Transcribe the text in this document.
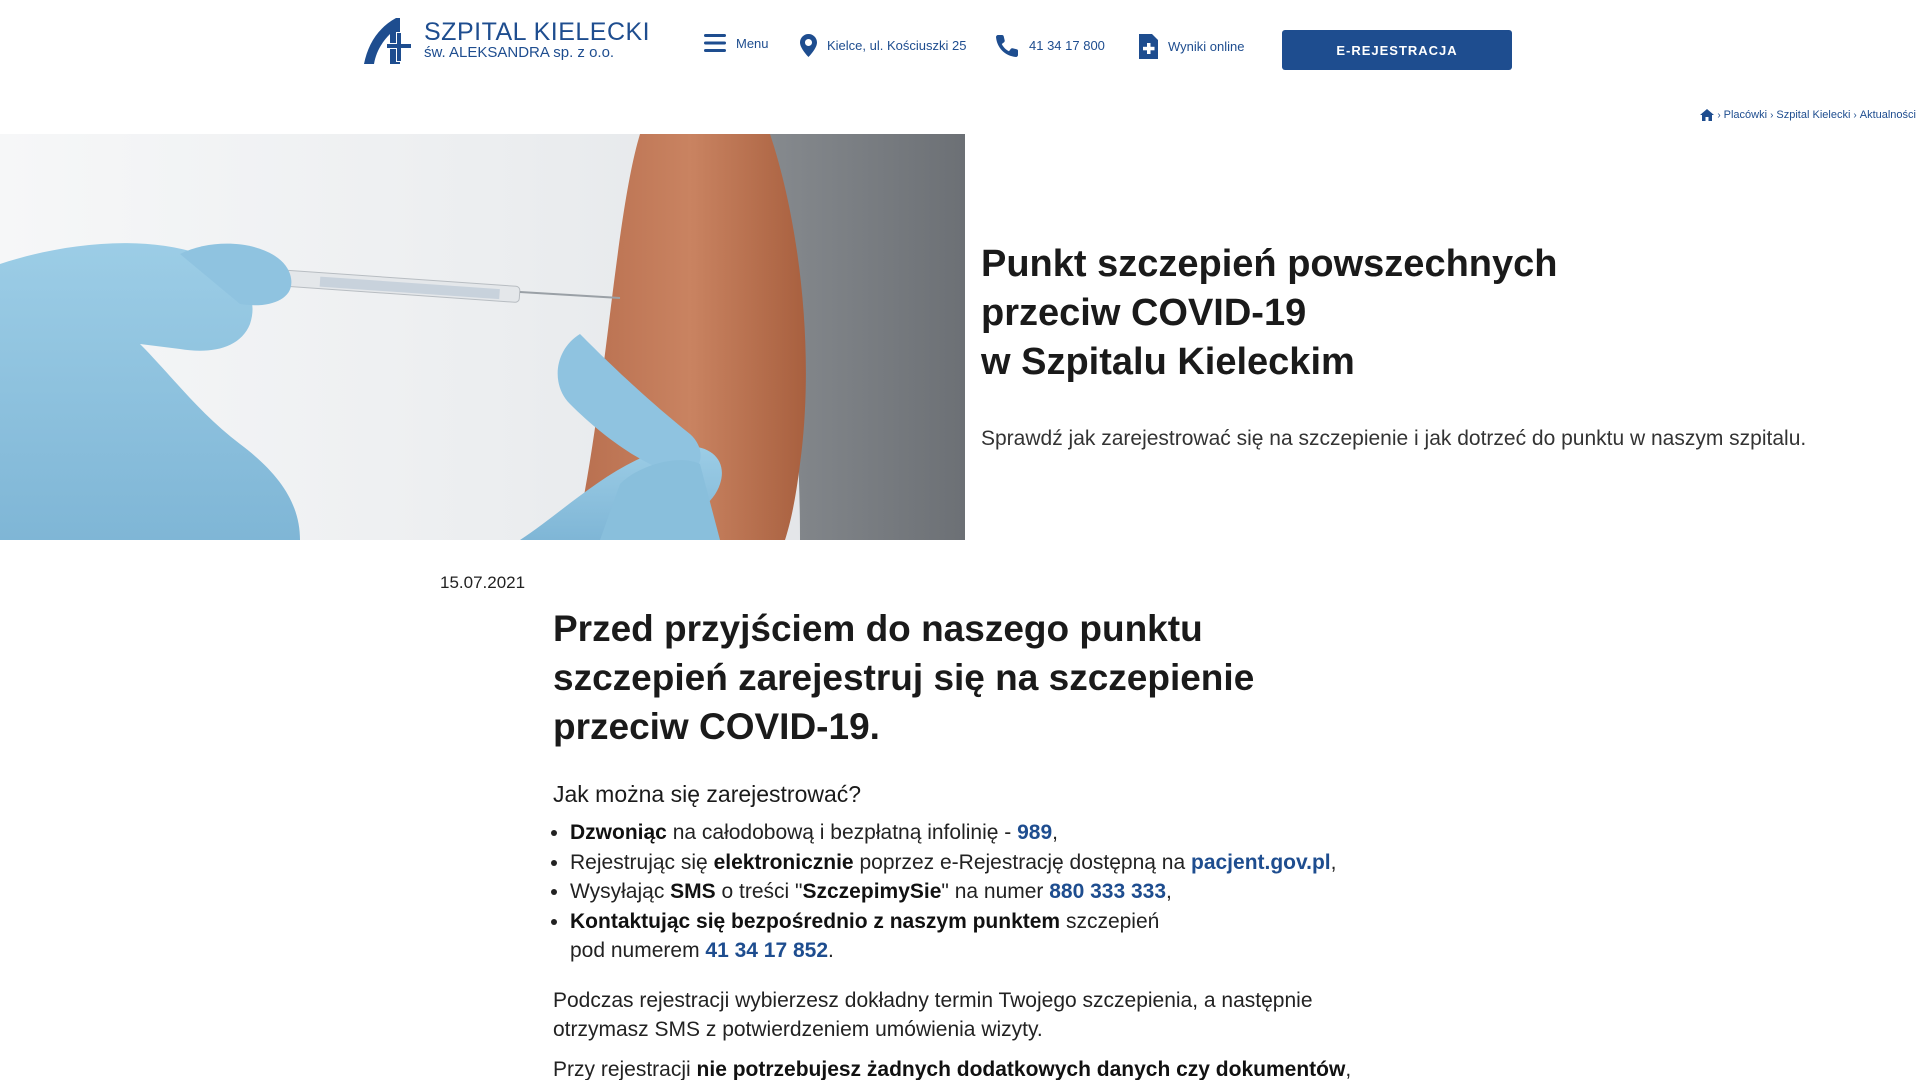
SZPITAL KIELECKI
św. ALEKSANDRA sp. z o.o.
Menu	Kielce, ul. Kościuszki 25	41 34 17 800	Wyniki online	E-REJESTRACJA
› Placówki › Szpital Kielecki › Aktualności
Punkt szczepień powszechnych
przeciw COVID-19
w Szpitalu Kieleckim
Sprawdź jak zarejestrować się na szczepienie i jak dotrzeć do punktu w naszym szpitalu.
15.07.2021
Przed przyjściem do naszego punktu
szczepień zarejestruj się na szczepienie
przeciw COVID-19.
Jak można się zarejestrować?
• Dzwoniąc na całodobową i bezpłatną infolinię - 989,
• Rejestrując się elektronicznie poprzez e-Rejestrację dostępną na pacjent.gov.pl,
• Wysyłając SMS o treści "SzczepimySie" na numer 880 333 333,
• Kontaktując się bezpośrednio z naszym punktem szczepień
pod numerem 41 34 17 852.

Podczas rejestracji wybierzesz dokładny termin Twojego szczepienia, a następnie
otrzymasz SMS z potwierdzeniem umówienia wizyty.

Przy rejestracji nie potrzebujesz żadnych dodatkowych danych czy dokumentów,
